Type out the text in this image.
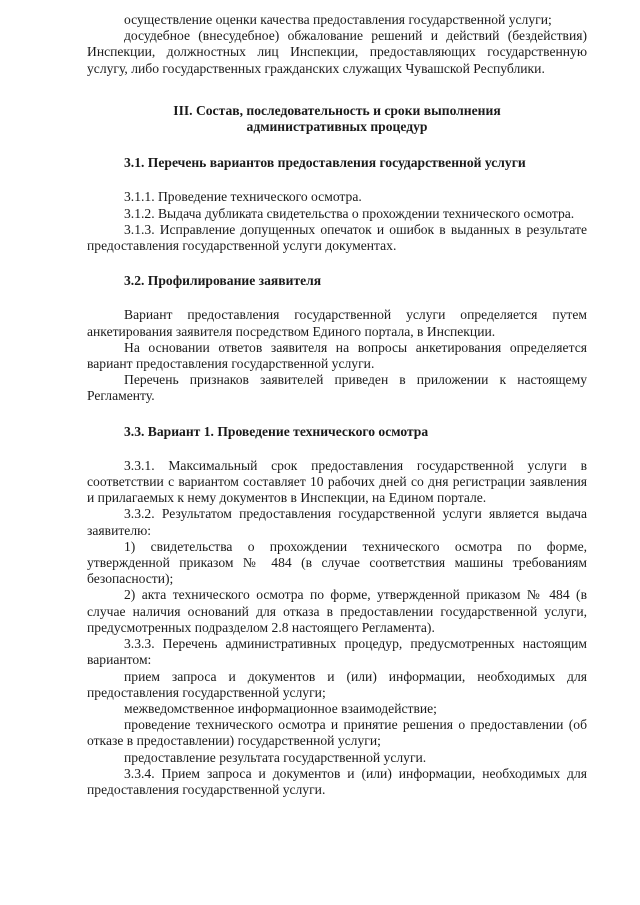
осуществление оценки качества предоставления государственной услуги;

досудебное (внесудебное) обжалование решений и действий (бездействия) Инспекции, должностных лиц Инспекции, предоставляющих государственную услугу, либо государственных гражданских служащих Чувашской Республики.

III. Состав, последовательность и сроки выполнения

административных процедур

3.1. Перечень вариантов предоставления государственной услуги

3.1.1. Проведение технического осмотра.

3.1.2. Выдача дубликата свидетельства о прохождении технического осмотра.

3.1.3. Исправление допущенных опечаток и ошибок в выданных в результате предоставления государственной услуги документах.

3.2. Профилирование заявителя

Вариант предоставления государственной услуги определяется путем анкетирования заявителя посредством Единого портала, в Инспекции.

На основании ответов заявителя на вопросы анкетирования определяется вариант предоставления государственной услуги.

Перечень признаков заявителей приведен в приложении к настоящему Регламенту.

3.3. Вариант 1. Проведение технического осмотра

3.3.1. Максимальный срок предоставления государственной услуги в соответствии с вариантом составляет 10 рабочих дней со дня регистрации заявления и прилагаемых к нему документов в Инспекции, на Едином портале.

3.3.2. Результатом предоставления государственной услуги является выдача заявителю:

1) свидетельства о прохождении технического осмотра по форме, утвержденной приказом № 484 (в случае соответствия машины требованиям безопасности);

2) акта технического осмотра по форме, утвержденной приказом № 484 (в случае наличия оснований для отказа в предоставлении государственной услуги, предусмотренных подразделом 2.8 настоящего Регламента).

3.3.3. Перечень административных процедур, предусмотренных настоящим вариантом:

прием запроса и документов и (или) информации, необходимых для предоставления государственной услуги;

межведомственное информационное взаимодействие;

проведение технического осмотра и принятие решения о предоставлении (об отказе в предоставлении) государственной услуги;

предоставление результата государственной услуги.

3.3.4. Прием запроса и документов и (или) информации, необходимых для предоставления государственной услуги.
